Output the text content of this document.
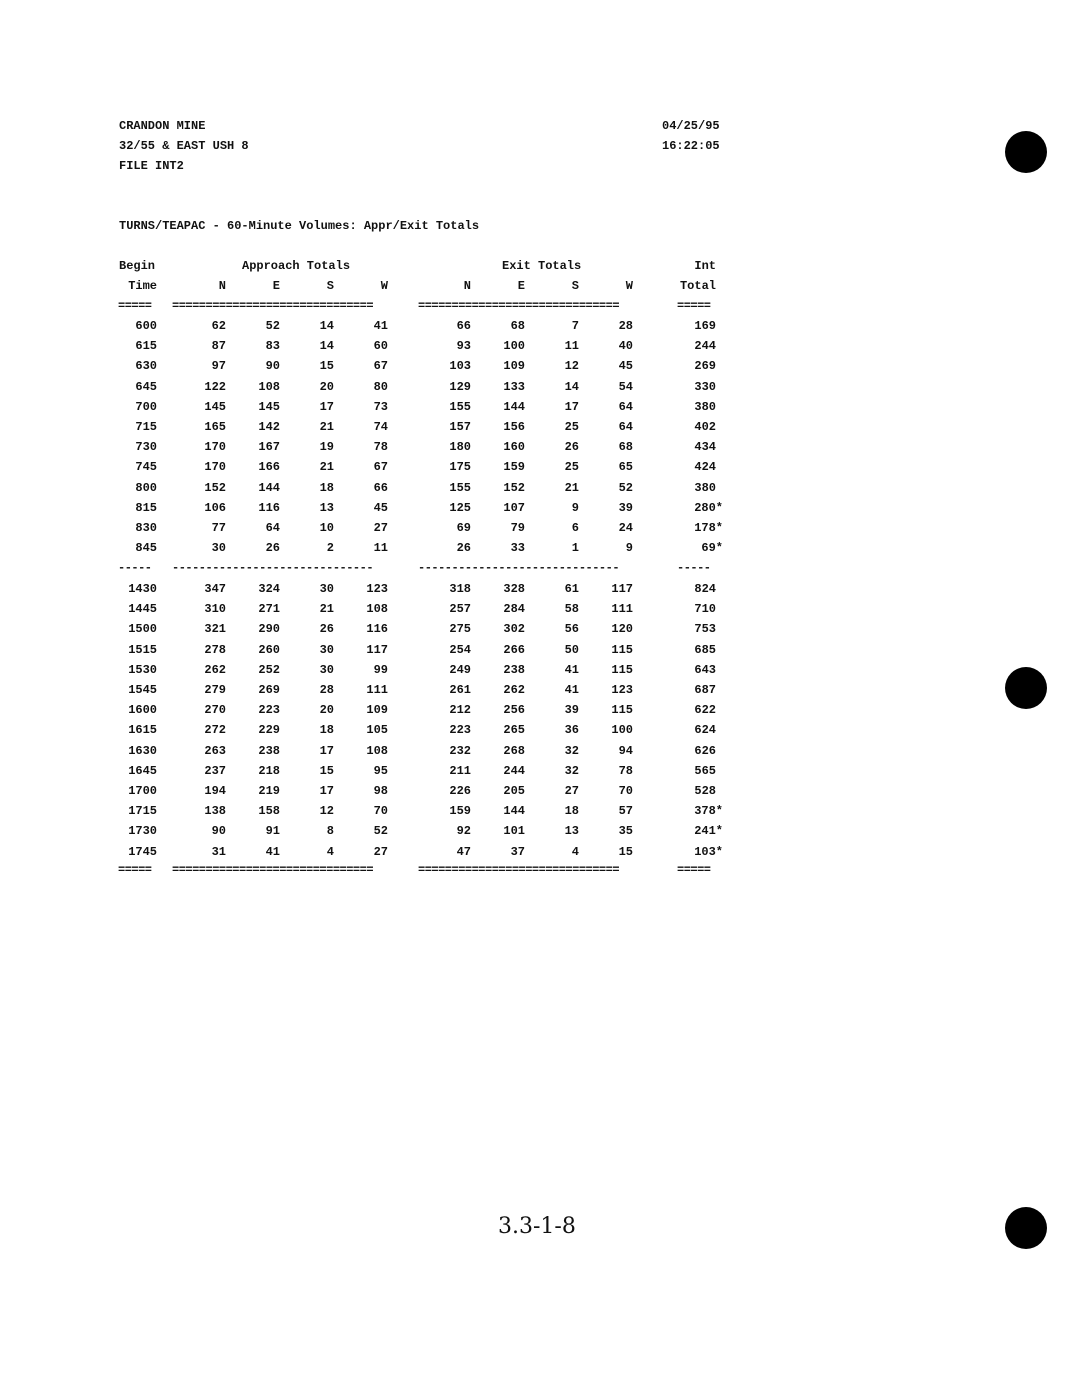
CRANDON MINE
32/55 & EAST USH 8
FILE INT2
04/25/95
16:22:05
TURNS/TEAPAC - 60-Minute Volumes: Appr/Exit Totals
3.3-1-8
Begin	Approach Totals	Exit Totals	Int
Time	N	E	S	W	N	E	S	W	Total
===== ==============================	==============================	=====
600	62	52	14	41	66	68	7	28	169
615	87	83	14	60	93	100	11	40	244
630	97	90	15	67	103	109	12	45	269
645	122	108	20	80	129	133	14	54	330
700	145	145	17	73	155	144	17	64	380
715	165	142	21	74	157	156	25	64	402
730	170	167	19	78	180	160	26	68	434
745	170	166	21	67	175	159	25	65	424
800	152	144	18	66	155	152	21	52	380
815	106	116	13	45	125	107	9	39	280*
830	77	64	10	27	69	79	6	24	178*
845	30	26	2	11	26	33	1	9	69*
----- ------------------------------	------------------------------	-----
1430	347	324	30	123	318	328	61	117	824
1445	310	271	21	108	257	284	58	111	710
1500	321	290	26	116	275	302	56	120	753
1515	278	260	30	117	254	266	50	115	685
1530	262	252	30	99	249	238	41	115	643
1545	279	269	28	111	261	262	41	123	687
1600	270	223	20	109	212	256	39	115	622
1615	272	229	18	105	223	265	36	100	624
1630	263	238	17	108	232	268	32	94	626
1645	237	218	15	95	211	244	32	78	565
1700	194	219	17	98	226	205	27	70	528
1715	138	158	12	70	159	144	18	57	378*
1730	90	91	8	52	92	101	13	35	241*
1745	31	41	4	27	47	37	4	15	103*
===== ==============================	==============================	=====
